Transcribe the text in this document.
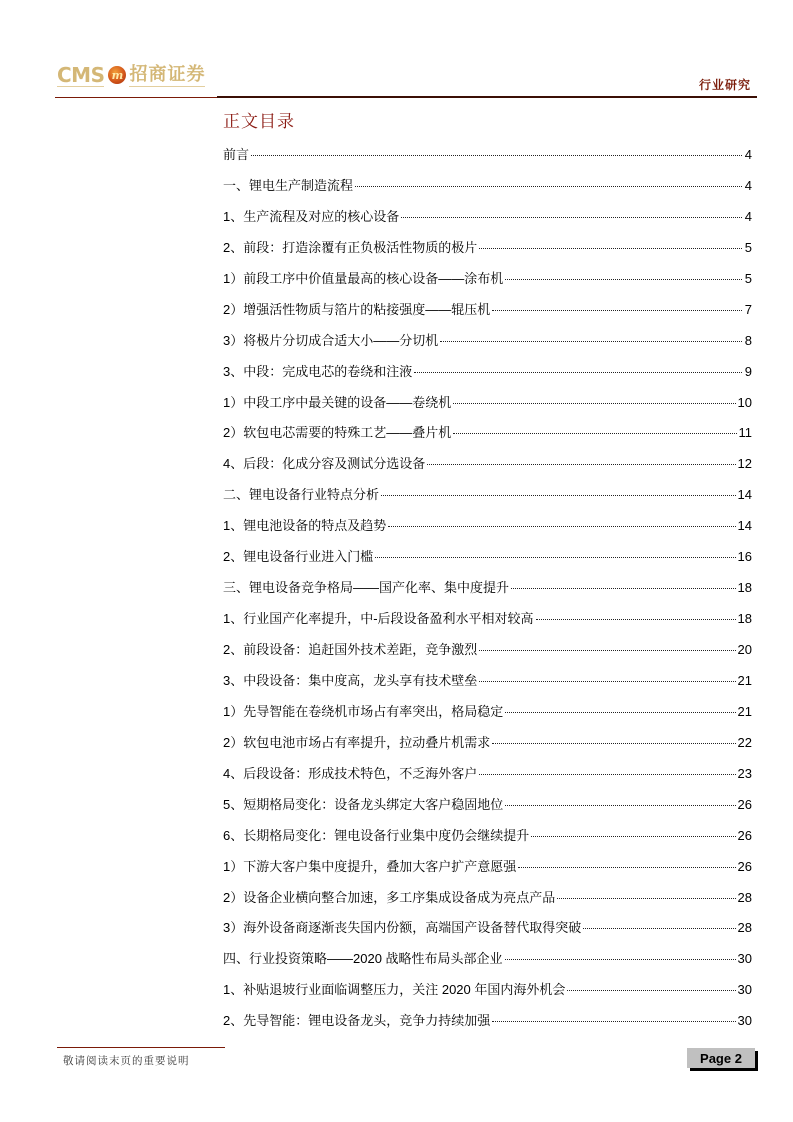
CMS m 招商证券
行业研究
正文目录
前言	4
一、锂电生产制造流程	4
1、生产流程及对应的核心设备	4
2、前段：打造涂覆有正负极活性物质的极片	5
1）前段工序中价值量最高的核心设备——涂布机	5
2）增强活性物质与箔片的粘接强度——辊压机	7
3）将极片分切成合适大小——分切机	8
3、中段：完成电芯的卷绕和注液	9
1）中段工序中最关键的设备——卷绕机	10
2）软包电芯需要的特殊工艺——叠片机	11
4、后段：化成分容及测试分选设备	12
二、锂电设备行业特点分析	14
1、锂电池设备的特点及趋势	14
2、锂电设备行业进入门槛	16
三、锂电设备竞争格局——国产化率、集中度提升	18
1、行业国产化率提升，中-后段设备盈利水平相对较高	18
2、前段设备：追赶国外技术差距，竞争激烈	20
3、中段设备：集中度高，龙头享有技术壁垒	21
1）先导智能在卷绕机市场占有率突出，格局稳定	21
2）软包电池市场占有率提升，拉动叠片机需求	22
4、后段设备：形成技术特色，不乏海外客户	23
5、短期格局变化：设备龙头绑定大客户稳固地位	26
6、长期格局变化：锂电设备行业集中度仍会继续提升	26
1）下游大客户集中度提升，叠加大客户扩产意愿强	26
2）设备企业横向整合加速，多工序集成设备成为亮点产品	28
3）海外设备商逐渐丧失国内份额，高端国产设备替代取得突破	28
四、行业投资策略——2020 战略性布局头部企业	30
1、补贴退坡行业面临调整压力，关注 2020 年国内海外机会	30
2、先导智能：锂电设备龙头，竞争力持续加强	30
敬请阅读末页的重要说明	Page 2
